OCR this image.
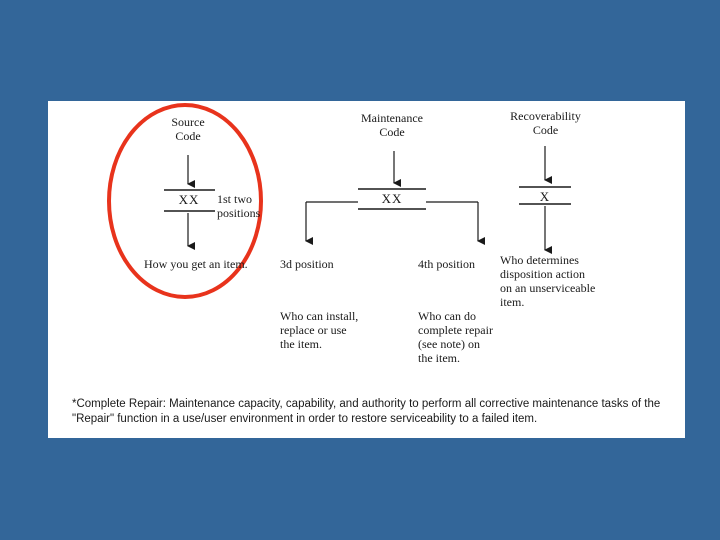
Source
Code
XX	1st two
positions
How you get an item.
Maintenance
Code
XX
3d position	4th position
Who can install,
replace or use
the item.
Who can do
complete repair
(see note) on
the item.
Recoverability
Code
X
Who determines
disposition action
on an unserviceable
item.
*Complete Repair: Maintenance capacity, capability, and authority to perform all corrective maintenance tasks of the
"Repair" function in a use/user environment in order to restore serviceability to a failed item.
